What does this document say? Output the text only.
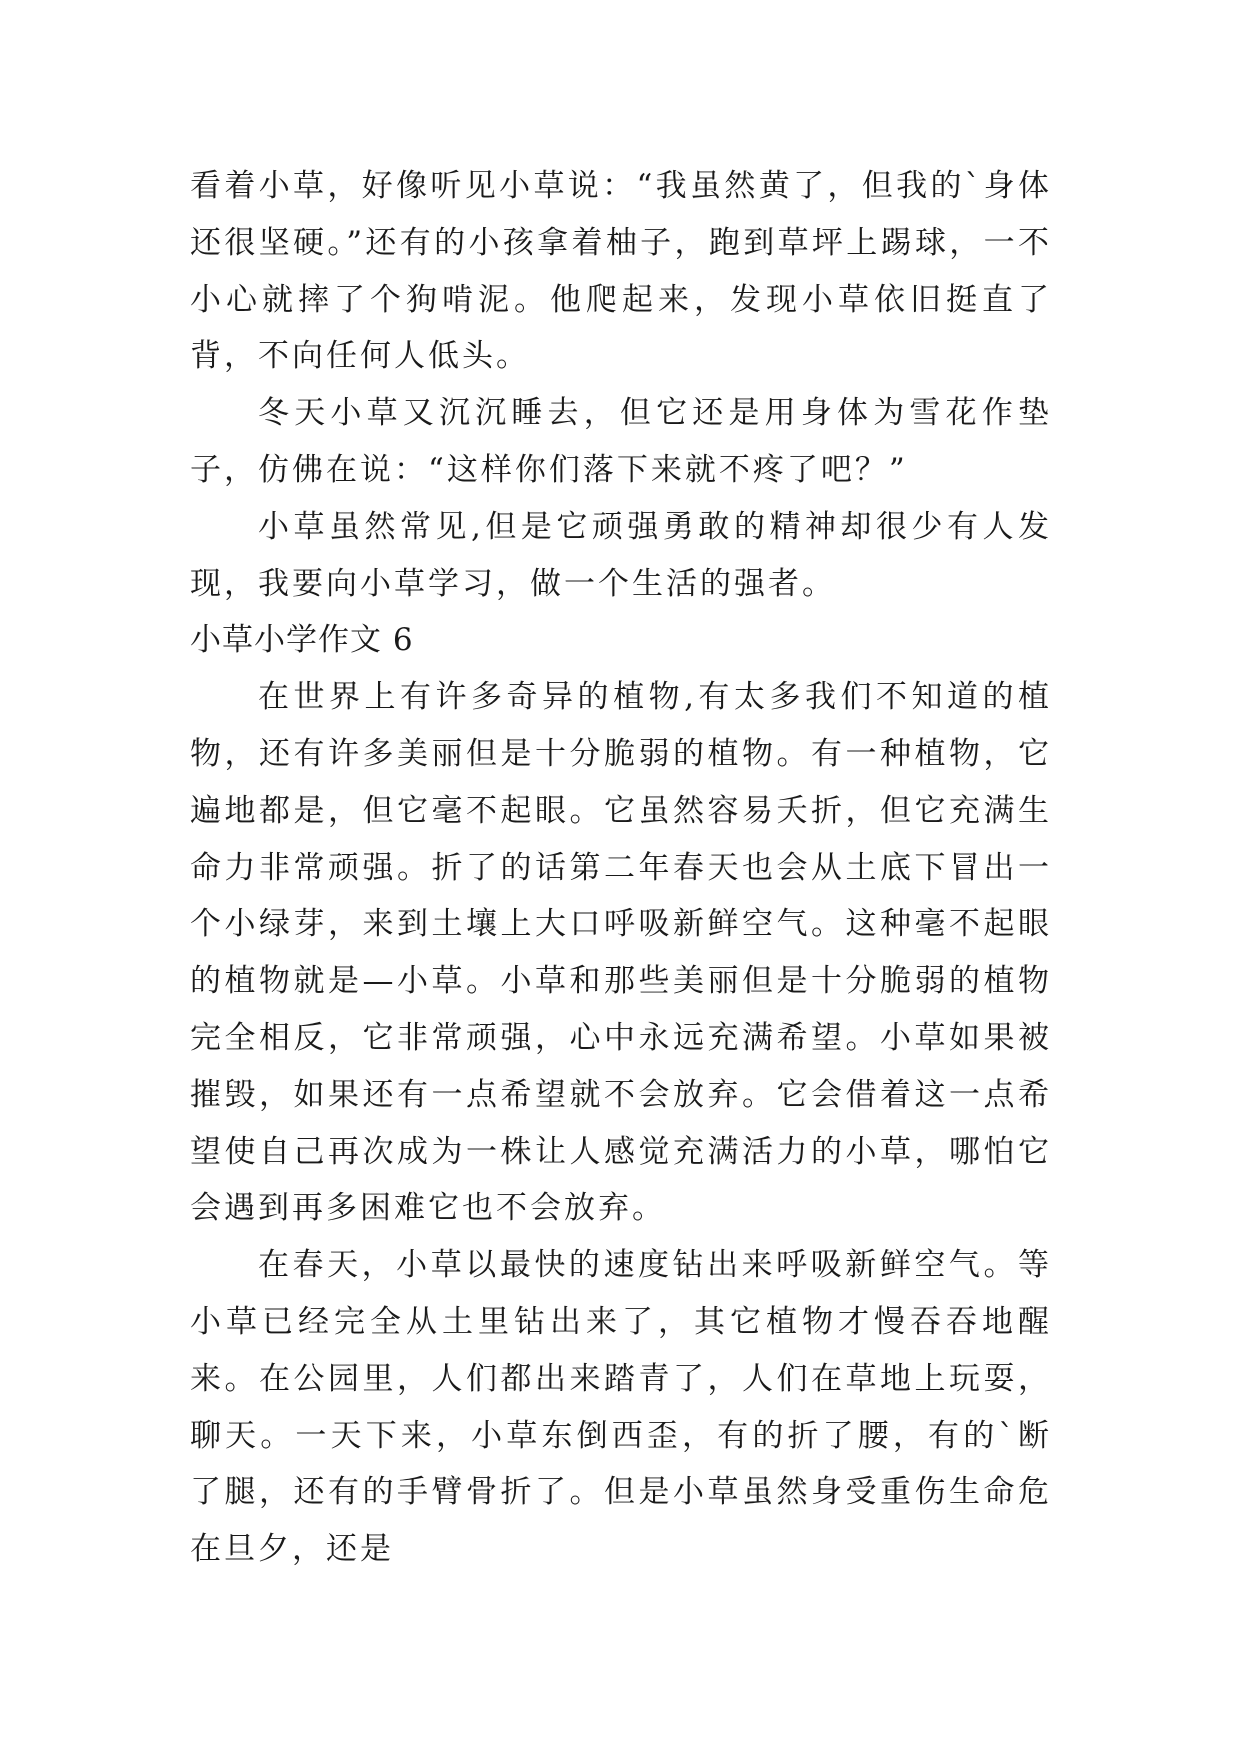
看着小草，好像听见小草说：“我虽然黄了，但我的`身体还很坚硬。”还有的小孩拿着柚子，跑到草坪上踢球，一不小心就摔了个狗啃泥。他爬起来，发现小草依旧挺直了背，不向任何人低头。

冬天小草又沉沉睡去，但它还是用身体为雪花作垫子，仿佛在说：“这样你们落下来就不疼了吧？”

小草虽然常见,但是它顽强勇敢的精神却很少有人发现，我要向小草学习，做一个生活的强者。

小草小学作文 6

在世界上有许多奇异的植物,有太多我们不知道的植物，还有许多美丽但是十分脆弱的植物。有一种植物，它遍地都是，但它毫不起眼。它虽然容易夭折，但它充满生命力非常顽强。折了的话第二年春天也会从土底下冒出一个小绿芽，来到土壤上大口呼吸新鲜空气。这种毫不起眼的植物就是—小草。小草和那些美丽但是十分脆弱的植物完全相反，它非常顽强，心中永远充满希望。小草如果被摧毁，如果还有一点希望就不会放弃。它会借着这一点希望使自己再次成为一株让人感觉充满活力的小草，哪怕它会遇到再多困难它也不会放弃。

在春天，小草以最快的速度钻出来呼吸新鲜空气。等小草已经完全从土里钻出来了，其它植物才慢吞吞地醒来。在公园里，人们都出来踏青了，人们在草地上玩耍，聊天。一天下来，小草东倒西歪，有的折了腰，有的`断了腿，还有的手臂骨折了。但是小草虽然身受重伤生命危在旦夕，还是
